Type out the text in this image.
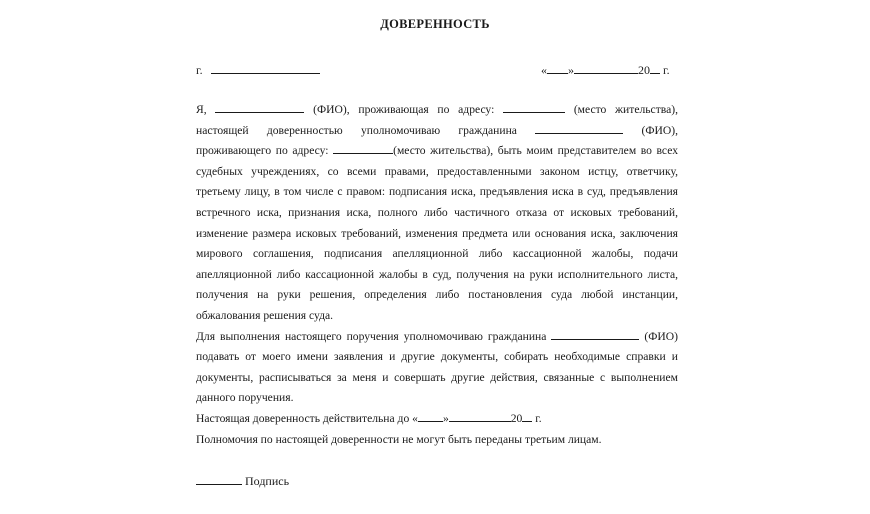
ДОВЕРЕННОСТЬ
г.	« »	20 г.

Я,	(ФИО), проживающая по адресу:	(место жительства), настоящей доверенностью уполномочиваю гражданина	(ФИО), проживающего по адресу:	(место жительства), быть моим представителем во всех судебных учреждениях, со всеми правами, предоставленными законом истцу, ответчику, третьему лицу, в том числе с правом: подписания иска, предъявления иска в суд, предъявления встречного иска, признания иска, полного либо частичного отказа от исковых требований, изменение размера исковых требований, изменения предмета или основания иска, заключения мирового соглашения, подписания апелляционной либо кассационной жалобы, подачи апелляционной либо кассационной жалобы в суд, получения на руки исполнительного листа, получения на руки решения, определения либо постановления суда любой инстанции, обжалования решения суда.

Для выполнения настоящего поручения уполномочиваю гражданина	(ФИО) подавать от моего имени заявления и другие документы, собирать необходимые справки и документы, расписываться за меня и совершать другие действия, связанные с выполнением данного поручения.

Настоящая доверенность действительна до « »	20 г.

Полномочия по настоящей доверенности не могут быть переданы третьим лицам.

Подпись
